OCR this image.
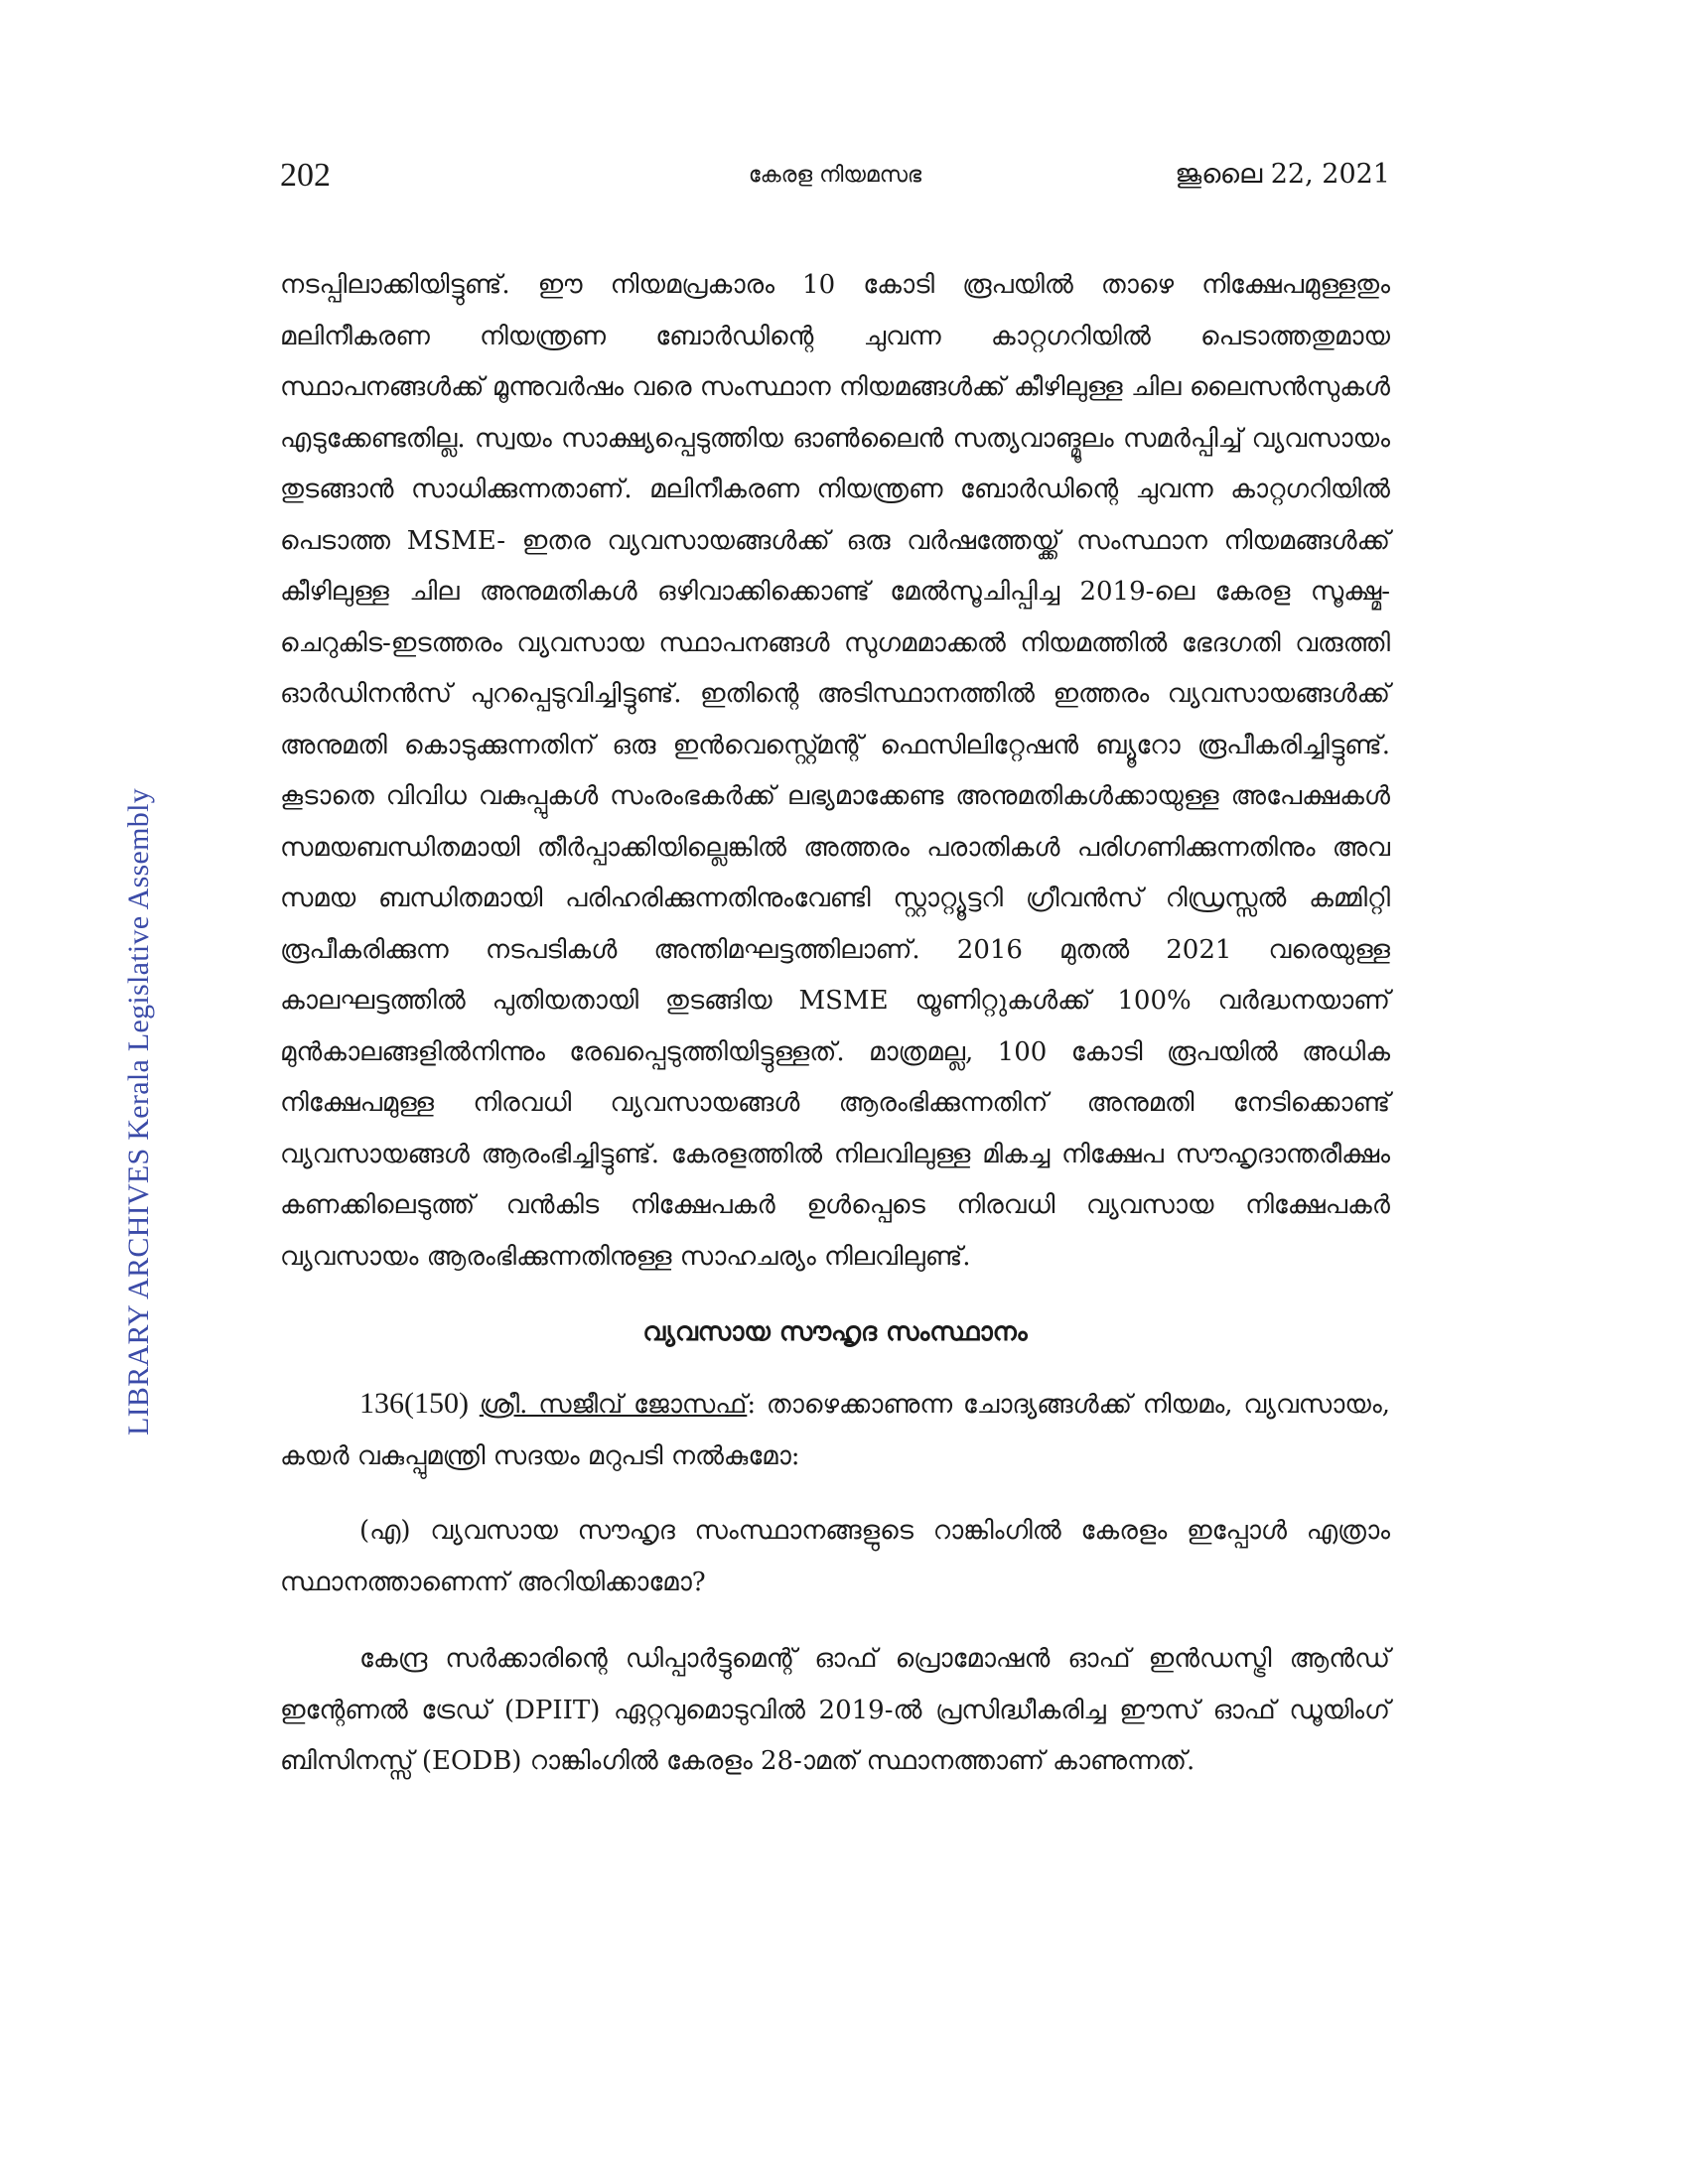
202	കേരള നിയമസഭ	ജൂലൈ 22, 2021
LIBRARY ARCHIVES Kerala Legislative Assembly

നടപ്പിലാക്കിയിട്ടുണ്ട്. ഈ നിയമപ്രകാരം 10 കോടി രൂപയിൽ താഴെ നിക്ഷേപമുള്ളതും മലിനീകരണ നിയന്ത്രണ ബോർഡിന്റെ ചുവന്ന കാറ്റഗറിയിൽ പെടാത്തതുമായ സ്ഥാപനങ്ങൾക്ക് മൂന്നുവർഷം വരെ സംസ്ഥാന നിയമങ്ങൾക്ക് കീഴിലുള്ള ചില ലൈസൻസുകൾ എടുക്കേണ്ടതില്ല. സ്വയം സാക്ഷ്യപ്പെടുത്തിയ ഓൺലൈൻ സത്യവാങ്മൂലം സമർപ്പിച്ച് വ്യവസായം തുടങ്ങാൻ സാധിക്കുന്നതാണ്. മലിനീകരണ നിയന്ത്രണ ബോർഡിന്റെ ചുവന്ന കാറ്റഗറിയിൽ പെടാത്ത MSME- ഇതര വ്യവസായങ്ങൾക്ക് ഒരു വർഷത്തേയ്ക്ക് സംസ്ഥാന നിയമങ്ങൾക്ക് കീഴിലുള്ള ചില അനുമതികൾ ഒഴിവാക്കിക്കൊണ്ട് മേൽസൂചിപ്പിച്ച 2019-ലെ കേരള സൂക്ഷ്മ-ചെറുകിട-ഇടത്തരം വ്യവസായ സ്ഥാപനങ്ങൾ സുഗമമാക്കൽ നിയമത്തിൽ ഭേദഗതി വരുത്തി ഓർഡിനൻസ് പുറപ്പെടുവിച്ചിട്ടുണ്ട്. ഇതിന്റെ അടിസ്ഥാനത്തിൽ ഇത്തരം വ്യവസായങ്ങൾക്ക് അനുമതി കൊടുക്കുന്നതിന് ഒരു ഇൻവെസ്റ്റ്മെന്റ് ഫെസിലിറ്റേഷൻ ബ്യൂറോ രൂപീകരിച്ചിട്ടുണ്ട്. കൂടാതെ വിവിധ വകുപ്പുകൾ സംരംഭകർക്ക് ലഭ്യമാക്കേണ്ട അനുമതികൾക്കായുള്ള അപേക്ഷകൾ സമയബന്ധിതമായി തീർപ്പാക്കിയില്ലെങ്കിൽ അത്തരം പരാതികൾ പരിഗണിക്കുന്നതിനും അവ സമയ ബന്ധിതമായി പരിഹരിക്കുന്നതിനുംവേണ്ടി സ്റ്റാറ്റ്യൂട്ടറി ഗ്രീവൻസ് റിഡ്രസ്സൽ കമ്മിറ്റി രൂപീകരിക്കുന്ന നടപടികൾ അന്തിമഘട്ടത്തിലാണ്. 2016 മുതൽ 2021 വരെയുള്ള കാലഘട്ടത്തിൽ പുതിയതായി തുടങ്ങിയ MSME യൂണിറ്റുകൾക്ക് 100% വർദ്ധനയാണ് മുൻകാലങ്ങളിൽനിന്നും രേഖപ്പെടുത്തിയിട്ടുള്ളത്. മാത്രമല്ല, 100 കോടി രൂപയിൽ അധിക നിക്ഷേപമുള്ള നിരവധി വ്യവസായങ്ങൾ ആരംഭിക്കുന്നതിന് അനുമതി നേടിക്കൊണ്ട് വ്യവസായങ്ങൾ ആരംഭിച്ചിട്ടുണ്ട്. കേരളത്തിൽ നിലവിലുള്ള മികച്ച നിക്ഷേപ സൗഹൃദാന്തരീക്ഷം കണക്കിലെടുത്ത് വൻകിട നിക്ഷേപകർ ഉൾപ്പെടെ നിരവധി വ്യവസായ നിക്ഷേപകർ വ്യവസായം ആരംഭിക്കുന്നതിനുള്ള സാഹചര്യം നിലവിലുണ്ട്.

വ്യവസായ സൗഹൃദ സംസ്ഥാനം

136(150) ശ്രീ. സജീവ് ജോസഫ്: താഴെക്കാണുന്ന ചോദ്യങ്ങൾക്ക് നിയമം, വ്യവസായം, കയർ വകുപ്പുമന്ത്രി സദയം മറുപടി നൽകുമോ:

(എ) വ്യവസായ സൗഹൃദ സംസ്ഥാനങ്ങളുടെ റാങ്കിംഗിൽ കേരളം ഇപ്പോൾ എത്രാം സ്ഥാനത്താണെന്ന് അറിയിക്കാമോ?

കേന്ദ്ര സർക്കാരിന്റെ ഡിപ്പാർട്ടുമെന്റ് ഓഫ് പ്രൊമോഷൻ ഓഫ് ഇൻഡസ്ട്രി ആൻഡ് ഇന്റേണൽ ട്രേഡ് (DPIIT) ഏറ്റവുമൊടുവിൽ 2019-ൽ പ്രസിദ്ധീകരിച്ച ഈസ് ഓഫ് ഡൂയിംഗ് ബിസിനസ്സ് (EODB) റാങ്കിംഗിൽ കേരളം 28-ാമത് സ്ഥാനത്താണ് കാണുന്നത്.
